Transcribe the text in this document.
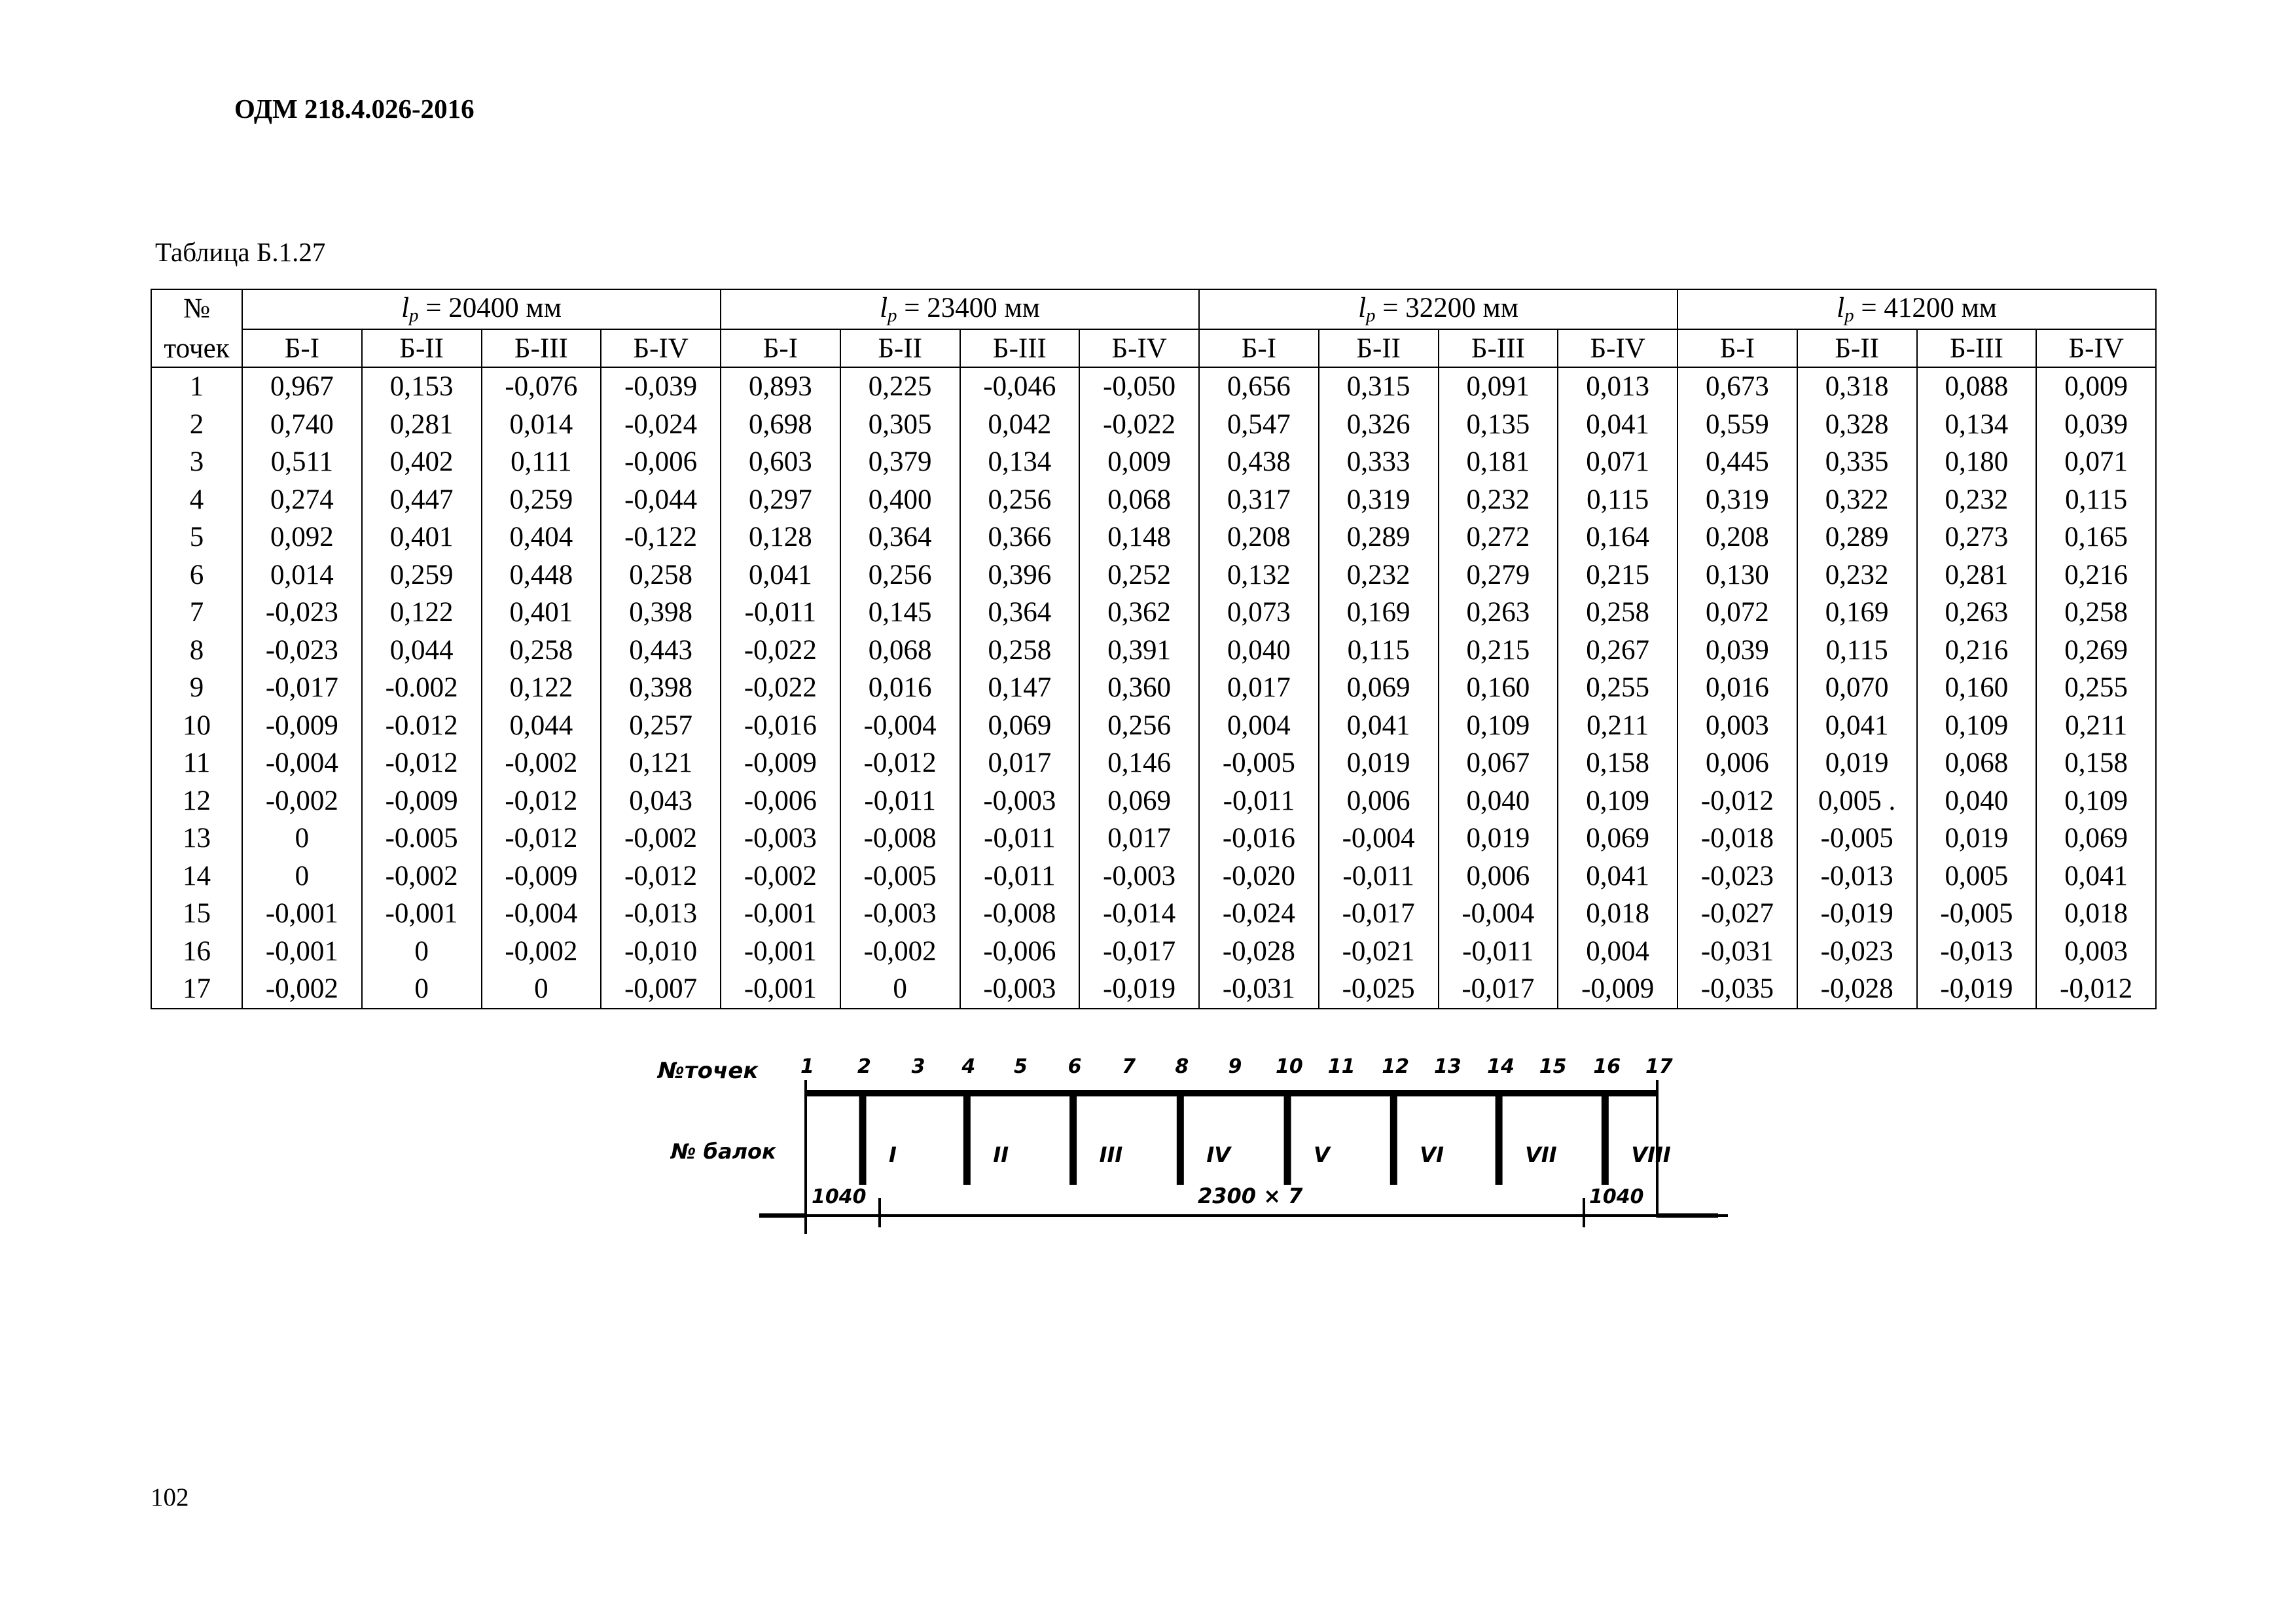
ОДМ 218.4.026-2016

Таблица Б.1.27

№
точек	$l_p = 20400$ мм				$l_p = 23400$ мм				$l_p = 32200$ мм				$l_p = 41200$ мм			
	Б-I	Б-II	Б-III	Б-IV	Б-I	Б-II	Б-III	Б-IV	Б-I	Б-II	Б-III	Б-IV	Б-I	Б-II	Б-III	Б-IV
1	0,967	0,153	-0,076	-0,039	0,893	0,225	-0,046	-0,050	0,656	0,315	0,091	0,013	0,673	0,318	0,088	0,009
2	0,740	0,281	0,014	-0,024	0,698	0,305	0,042	-0,022	0,547	0,326	0,135	0,041	0,559	0,328	0,134	0,039
3	0,511	0,402	0,111	-0,006	0,603	0,379	0,134	0,009	0,438	0,333	0,181	0,071	0,445	0,335	0,180	0,071
4	0,274	0,447	0,259	-0,044	0,297	0,400	0,256	0,068	0,317	0,319	0,232	0,115	0,319	0,322	0,232	0,115
5	0,092	0,401	0,404	-0,122	0,128	0,364	0,366	0,148	0,208	0,289	0,272	0,164	0,208	0,289	0,273	0,165
6	0,014	0,259	0,448	0,258	0,041	0,256	0,396	0,252	0,132	0,232	0,279	0,215	0,130	0,232	0,281	0,216
7	-0,023	0,122	0,401	0,398	-0,011	0,145	0,364	0,362	0,073	0,169	0,263	0,258	0,072	0,169	0,263	0,258
8	-0,023	0,044	0,258	0,443	-0,022	0,068	0,258	0,391	0,040	0,115	0,215	0,267	0,039	0,115	0,216	0,269
9	-0,017	-0.002	0,122	0,398	-0,022	0,016	0,147	0,360	0,017	0,069	0,160	0,255	0,016	0,070	0,160	0,255
10	-0,009	-0.012	0,044	0,257	-0,016	-0,004	0,069	0,256	0,004	0,041	0,109	0,211	0,003	0,041	0,109	0,211
11	-0,004	-0,012	-0,002	0,121	-0,009	-0,012	0,017	0,146	-0,005	0,019	0,067	0,158	0,006	0,019	0,068	0,158
12	-0,002	-0,009	-0,012	0,043	-0,006	-0,011	-0,003	0,069	-0,011	0,006	0,040	0,109	-0,012	0,005 .	0,040	0,109
13	0	-0.005	-0,012	-0,002	-0,003	-0,008	-0,011	0,017	-0,016	-0,004	0,019	0,069	-0,018	-0,005	0,019	0,069
14	0	-0,002	-0,009	-0,012	-0,002	-0,005	-0,011	-0,003	-0,020	-0,011	0,006	0,041	-0,023	-0,013	0,005	0,041
15	-0,001	-0,001	-0,004	-0,013	-0,001	-0,003	-0,008	-0,014	-0,024	-0,017	-0,004	0,018	-0,027	-0,019	-0,005	0,018
16	-0,001	0	-0,002	-0,010	-0,001	-0,002	-0,006	-0,017	-0,028	-0,021	-0,011	0,004	-0,031	-0,023	-0,013	0,003
17	-0,002	0	0	-0,007	-0,001	0	-0,003	-0,019	-0,031	-0,025	-0,017	-0,009	-0,035	-0,028	-0,019	-0,012
№точек
№ балок
1040	2300 × 7	1040
1 2 3 4 5 6 7 8 9 10 11 12 13 14 15 16 17
I	II	III	IV	V	VI	VII	VIII

102
